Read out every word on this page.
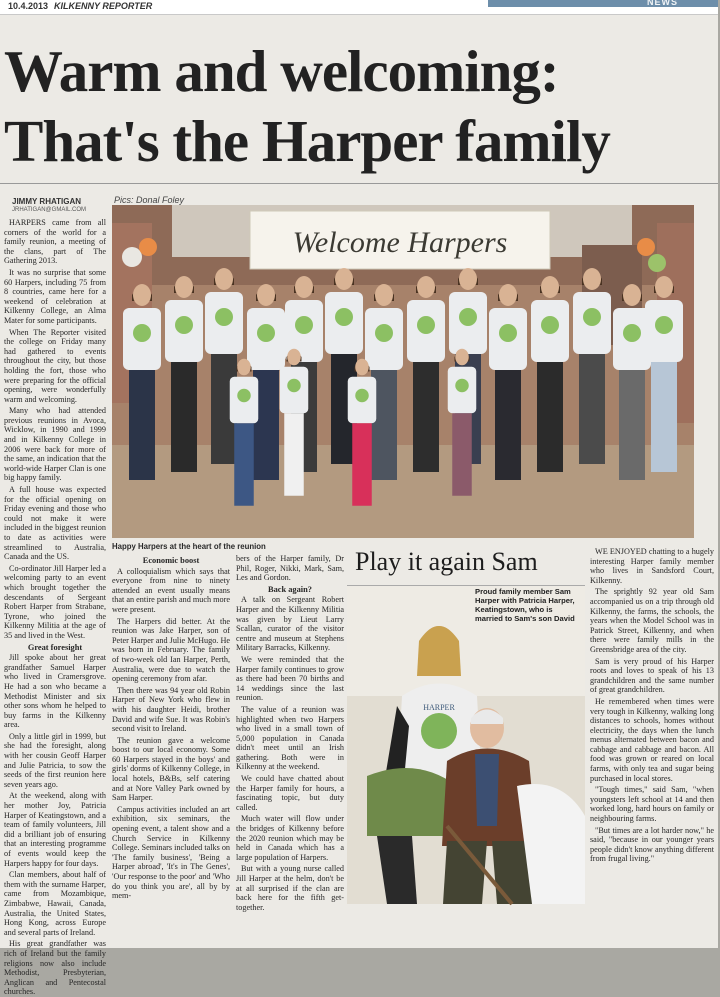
10.4.2013 KILKENNY REPORTER	NEWS
Warm and welcoming:
That's the Harper family
JIMMY RHATIGAN
JRHATIGAN@GMAIL.COM
Pics: Donal Foley

HARPERS came from all corners of the world for a family reunion, a meeting of the clans, part of The Gathering 2013.

It was no surprise that some 60 Harpers, including 75 from 8 countries, came here for a weekend of celebration at Kilkenny College, an Alma Mater for some participants.

When The Reporter visited the college on Friday many had gathered to events throughout the city, but those holding the fort, those who were preparing for the official opening, were wonderfully warm and welcoming.

Many who had attended previous reunions in Avoca, Wicklow, in 1990 and 1999 and in Kilkenny College in 2006 were back for more of the same, an indication that the world-wide Harper Clan is one big happy family.

A full house was expected for the official opening on Friday evening and those who could not make it were included in the biggest reunion to date as activities were streamlined to Australia, Canada and the US.

Co-ordinator Jill Harper led a welcoming party to an event which brought together the descendants of Sergeant Robert Harper from Strabane, Tyrone, who joined the Kilkenny Militia at the age of 35 and lived in the West.

Great foresight

Jill spoke about her great grandfather Samuel Harper who lived in Cramersgrove. He had a son who became a Methodist Minister and six other sons whom he helped to buy farms in the Kilkenny area.

Only a little girl in 1999, but she had the foresight, along with her cousin Geoff Harper and Julie Patricia, to sow the seeds of the first reunion here seven years ago.

At the weekend, along with her mother Joy, Patricia Harper of Keatingstown, and a team of family volunteers, Jill did a brilliant job of ensuring that an interesting programme of events would keep the Harpers happy for four days.

Clan members, about half of them with the surname Harper, came from Mozambique, Zimbabwe, Hawaii, Canada, Australia, the United States, Hong Kong, across Europe and several parts of Ireland.

His great grandfather was rich of Ireland but the family religions now also include Methodist, Presbyterian, Anglican and Pentecostal churches.

Welcome Harpers
Happy Harpers at the heart of the reunion
Economic boost

A colloquialism which says that everyone from nine to ninety attended an event usually means that an entire parish and much more were present.

The Harpers did better. At the reunion was Jake Harper, son of Peter Harper and Julie McHugo. He was born in February. The family of two-week old Ian Harper, Perth, Australia, were due to watch the opening ceremony from afar.

Then there was 94 year old Robin Harper of New York who flew in with his daughter Heidi, brother David and wife Sue. It was Robin's second visit to Ireland.

The reunion gave a welcome boost to our local economy. Some 60 Harpers stayed in the boys' and girls' dorms of Kilkenny College, in local hotels, B&Bs, self catering and at Nore Valley Park owned by Sam Harper.

Campus activities included an art exhibition, six seminars, the opening event, a talent show and a Church Service in Kilkenny College. Seminars included talks on 'The family business', 'Being a Harper abroad', 'It's in The Genes', 'Our response to the poor' and 'Who do you think you are', all by by mem-

bers of the Harper family, Dr Phil, Roger, Nikki, Mark, Sam, Les and Gordon.

Back again?

A talk on Sergeant Robert Harper and the Kilkenny Militia was given by Lieut Larry Scallan, curator of the visitor centre and museum at Stephens Military Barracks, Kilkenny.

We were reminded that the Harper family continues to grow as there had been 70 births and 14 weddings since the last reunion.

The value of a reunion was highlighted when two Harpers who lived in a small town of 5,000 population in Canada didn't meet until an Irish gathering. Both were in Kilkenny at the weekend.

We could have chatted about the Harper family for hours, a fascinating topic, but duty called.

Much water will flow under the bridges of Kilkenny before the 2020 reunion which may be held in Canada which has a large population of Harpers.

But with a young nurse called Jill Harper at the helm, don't be at all surprised if the clan are back here for the fifth get-together.

Play it again Sam
HARPER
Proud family member Sam Harper with Patricia Harper, Keatingstown, who is married to Sam's son David

WE ENJOYED chatting to a hugely interesting Harper family member who lives in Sandsford Court, Kilkenny.

The sprightly 92 year old Sam accompanied us on a trip through old Kilkenny, the farms, the schools, the years when the Model School was in Patrick Street, Kilkenny, and when there were family mills in the Greensbridge area of the city.

Sam is very proud of his Harper roots and loves to speak of his 13 grandchildren and the same number of great grandchildren.

He remembered when times were very tough in Kilkenny, walking long distances to schools, homes without electricity, the days when the lunch menus alternated between bacon and cabbage and cabbage and bacon. All food was grown or reared on local farms, with only tea and sugar being purchased in local stores.

"Tough times," said Sam, "when youngsters left school at 14 and then worked long, hard hours on family or neighbouring farms.

"But times are a lot harder now," he said, "because in our younger years people didn't know anything different from frugal living."
